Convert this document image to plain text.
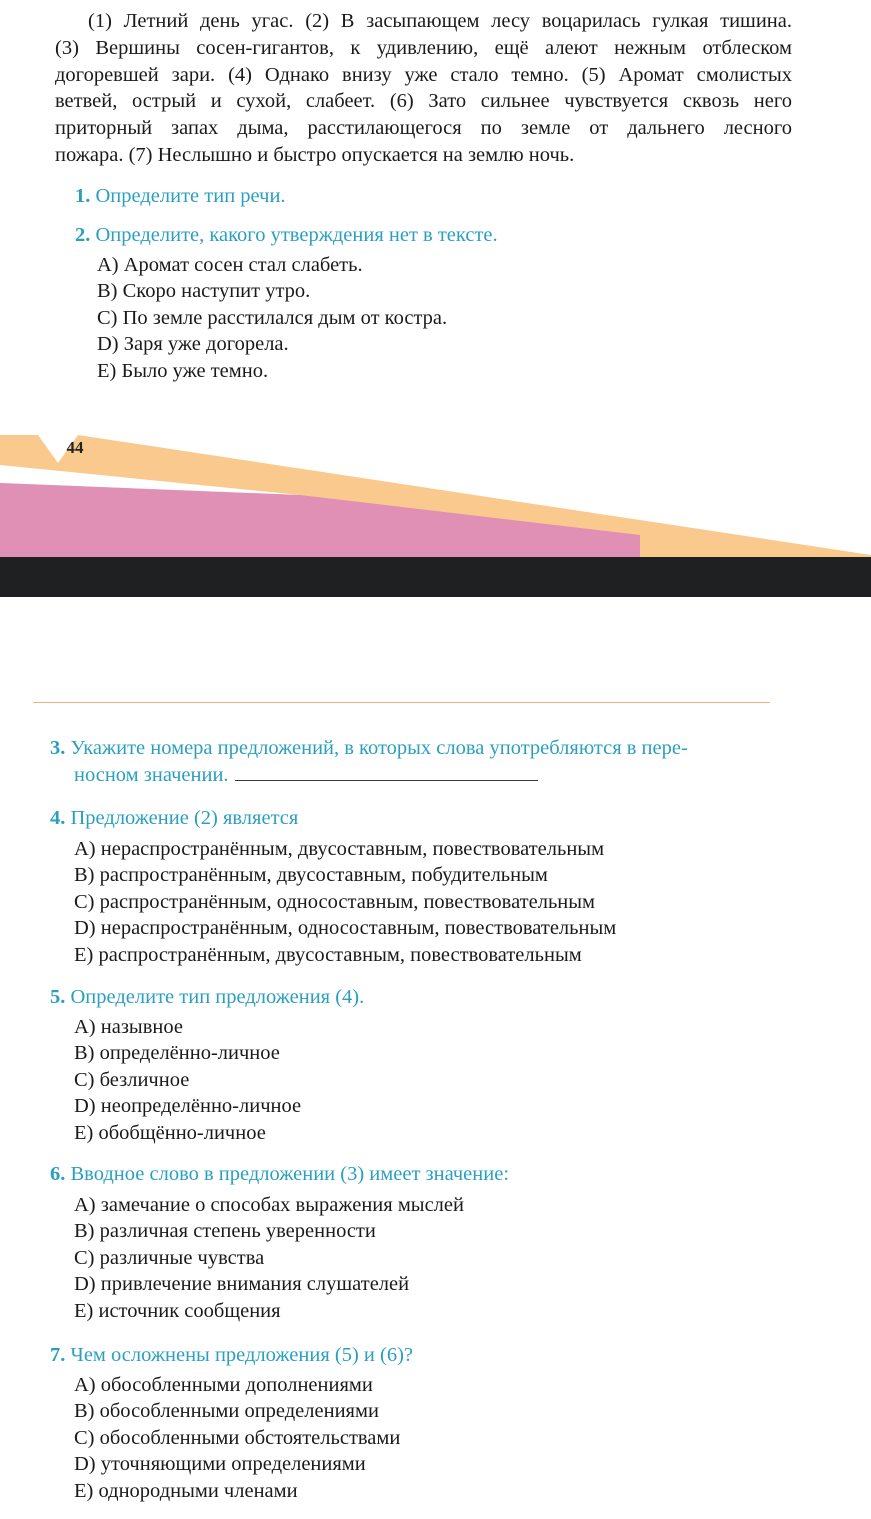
(1) Летний день угас. (2) В засыпающем лесу воцарилась гулкая тишина.
(3) Вершины сосен-гигантов, к удивлению, ещё алеют нежным отблеском
догоревшей зари. (4) Однако внизу уже стало темно. (5) Аромат смолистых
ветвей, острый и сухой, слабеет. (6) Зато сильнее чувствуется сквозь него
приторный запах дыма, расстилающегося по земле от дальнего лесного
пожара. (7) Неслышно и быстро опускается на землю ночь.

1. Определите тип речи.

2. Определите, какого утверждения нет в тексте.

A) Аромат сосен стал слабеть.
B) Скоро наступит утро.
C) По земле расстилался дым от костра.
D) Заря уже догорела.
E) Было уже темно.
44

3. Укажите номера предложений, в которых слова употребляются в пере-

носном значении.

4. Предложение (2) является

A) нераспространённым, двусоставным, повествовательным
B) распространённым, двусоставным, побудительным
C) распространённым, односоставным, повествовательным
D) нераспространённым, односоставным, повествовательным
E) распространённым, двусоставным, повествовательным

5. Определите тип предложения (4).

A) назывное
B) определённо-личное
C) безличное
D) неопределённо-личное
E) обобщённо-личное

6. Вводное слово в предложении (3) имеет значение:

A) замечание о способах выражения мыслей
B) различная степень уверенности
C) различные чувства
D) привлечение внимания слушателей
E) источник сообщения

7. Чем осложнены предложения (5) и (6)?

A) обособленными дополнениями
B) обособленными определениями
C) обособленными обстоятельствами
D) уточняющими определениями
E) однородными членами
